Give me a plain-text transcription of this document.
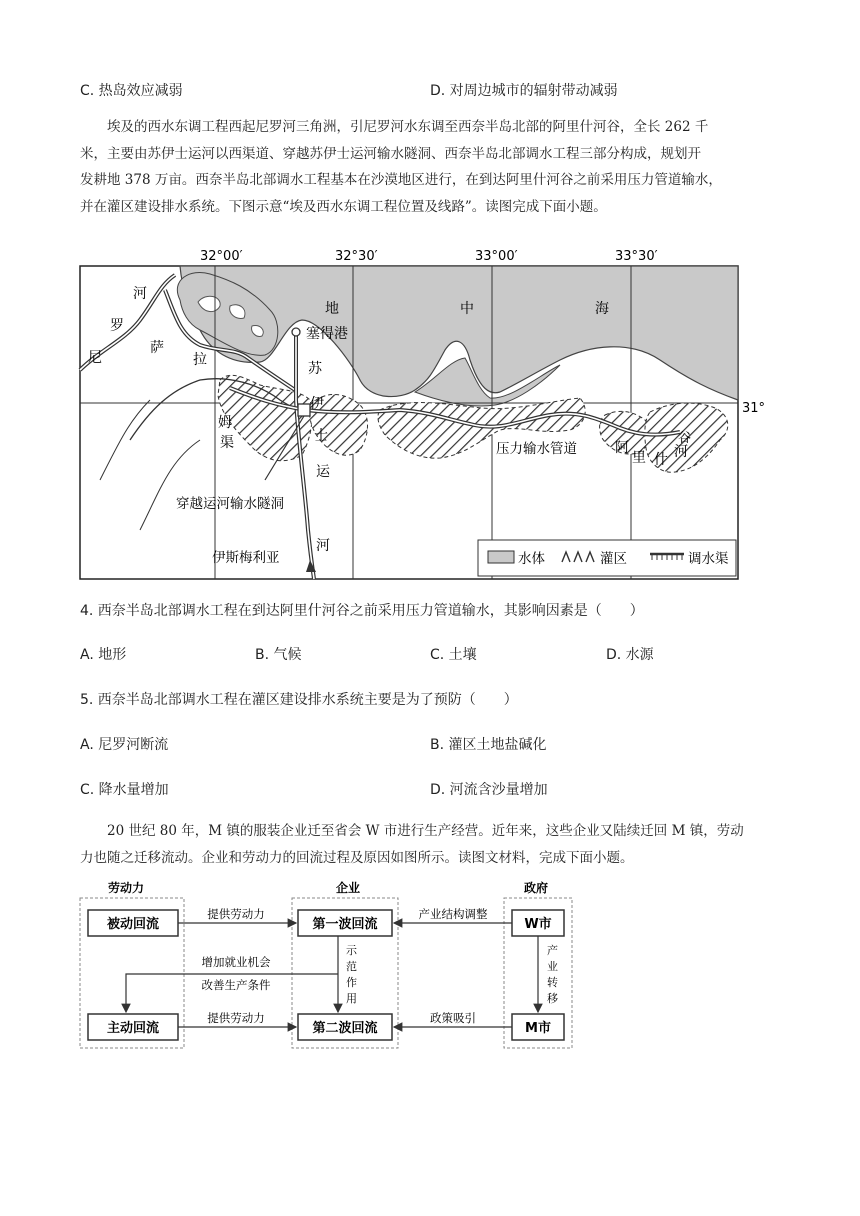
C. 热岛效应减弱	D. 对周边城市的辐射带动减弱
埃及的西水东调工程西起尼罗河三角洲，引尼罗河水东调至西奈半岛北部的阿里什河谷，全长 262 千
米，主要由苏伊士运河以西渠道、穿越苏伊士运河输水隧洞、西奈半岛北部调水工程三部分构成，规划开
发耕地 378 万亩。西奈半岛北部调水工程基本在沙漠地区进行，在到达阿里什河谷之前采用压力管道输水，
并在灌区建设排水系统。下图示意“埃及西水东调工程位置及线路”。读图完成下面小题。
32°00′	32°30′	33°00′	33°30′
31°
地	中	海
河
罗
尼
萨
拉
姆
渠
塞得港
苏
伊
士
运
河
穿越运河输水隧洞
伊斯梅利亚
压力输水管道	阿
里 什 河
谷
水体	灌区	调水渠
4. 西奈半岛北部调水工程在到达阿里什河谷之前采用压力管道输水，其影响因素是（　　）
A. 地形	B. 气候	C. 土壤	D. 水源
5. 西奈半岛北部调水工程在灌区建设排水系统主要是为了预防（　　）
A. 尼罗河断流	B. 灌区土地盐碱化
C. 降水量增加	D. 河流含沙量增加
20 世纪 80 年，M 镇的服装企业迁至省会 W 市进行生产经营。近年来，这些企业又陆续迁回 M 镇，劳动
力也随之迁移流动。企业和劳动力的回流过程及原因如图所示。读图文材料，完成下面小题。
劳动力	企业	政府
被动回流
主动回流
第一波回流
第二波回流
W市
M市
提供劳动力
提供劳动力
产业结构调整
政策吸引
产
业
转
移
示
范
作
用
增加就业机会
改善生产条件
